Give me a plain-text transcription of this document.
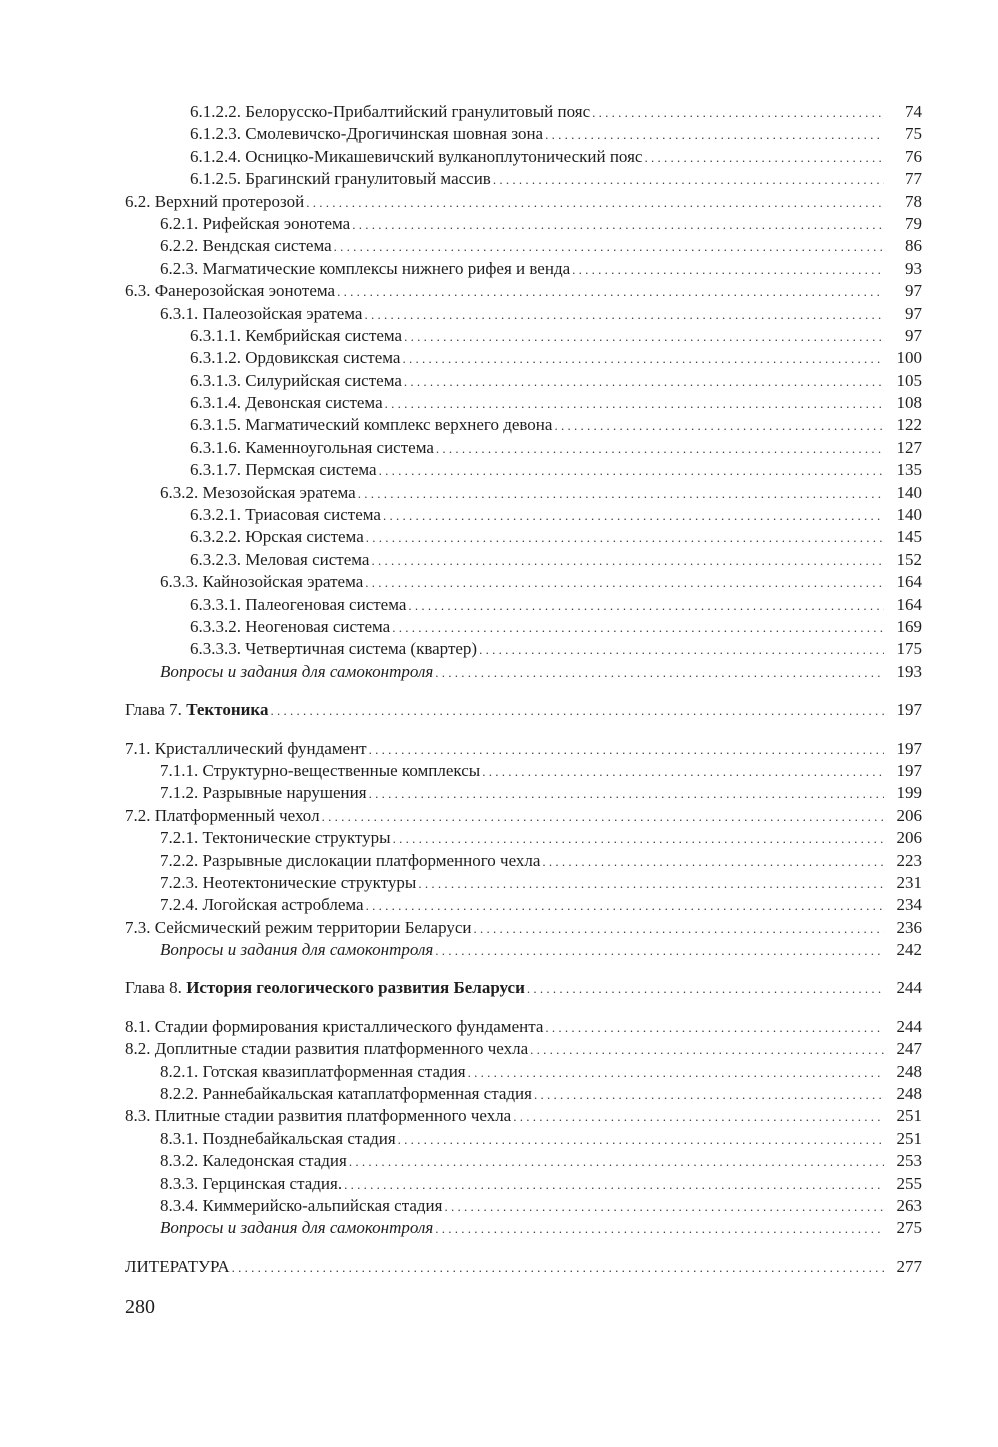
6.1.2.2. Белорусско-Прибалтийский гранулитовый пояс . . .	74
6.1.2.3. Смолевичско-Дрогичинская шовная зона . . .	75
6.1.2.4. Осницко-Микашевичский вулканоплутонический пояс . . .	76
6.1.2.5. Брагинский гранулитовый массив . . .	77
6.2. Верхний протерозой . . .	78
6.2.1. Рифейская эонотема . . .	79
6.2.2. Вендская система . . .	86
6.2.3. Магматические комплексы нижнего рифея и венда . . .	93
6.3. Фанерозойская эонотема . . .	97
6.3.1. Палеозойская эратема . . .	97
6.3.1.1. Кембрийская система . . .	97
6.3.1.2. Ордовикская система . . .	100
6.3.1.3. Силурийская система . . .	105
6.3.1.4. Девонская система . . .	108
6.3.1.5. Магматический комплекс верхнего девона . . .	122
6.3.1.6. Каменноугольная система . . .	127
6.3.1.7. Пермская система . . .	135
6.3.2. Мезозойская эратема . . .	140
6.3.2.1. Триасовая система . . .	140
6.3.2.2. Юрская система . . .	145
6.3.2.3. Меловая система . . .	152
6.3.3. Кайнозойская эратема . . .	164
6.3.3.1. Палеогеновая система . . .	164
6.3.3.2. Неогеновая система . . .	169
6.3.3.3. Четвертичная система (квартер) . . .	175
Вопросы и задания для самоконтроля . . .	193
Глава 7. Тектоника . . .	197
7.1. Кристаллический фундамент . . .	197
7.1.1. Структурно-вещественные комплексы . . .	197
7.1.2. Разрывные нарушения . . .	199
7.2. Платформенный чехол . . .	206
7.2.1. Тектонические структуры . . .	206
7.2.2. Разрывные дислокации платформенного чехла . . .	223
7.2.3. Неотектонические структуры . . .	231
7.2.4. Логойская астроблема . . .	234
7.3. Сейсмический режим территории Беларуси . . .	236
Вопросы и задания для самоконтроля . . .	242
Глава 8. История геологического развития Беларуси . . .	244
8.1. Стадии формирования кристаллического фундамента . . .	244
8.2. Доплитные стадии развития платформенного чехла . . .	247
8.2.1. Готская квазиплатформенная стадия . . .	248
8.2.2. Раннебайкальская катаплатформенная стадия . . .	248
8.3. Плитные стадии развития платформенного чехла . . .	251
8.3.1. Позднебайкальская стадия . . .	251
8.3.2. Каледонская стадия . . .	253
8.3.3. Герцинская стадия. . . .	255
8.3.4. Киммерийско-альпийская стадия . . .	263
Вопросы и задания для самоконтроля . . .	275
ЛИТЕРАТУРА . . .	277
280
